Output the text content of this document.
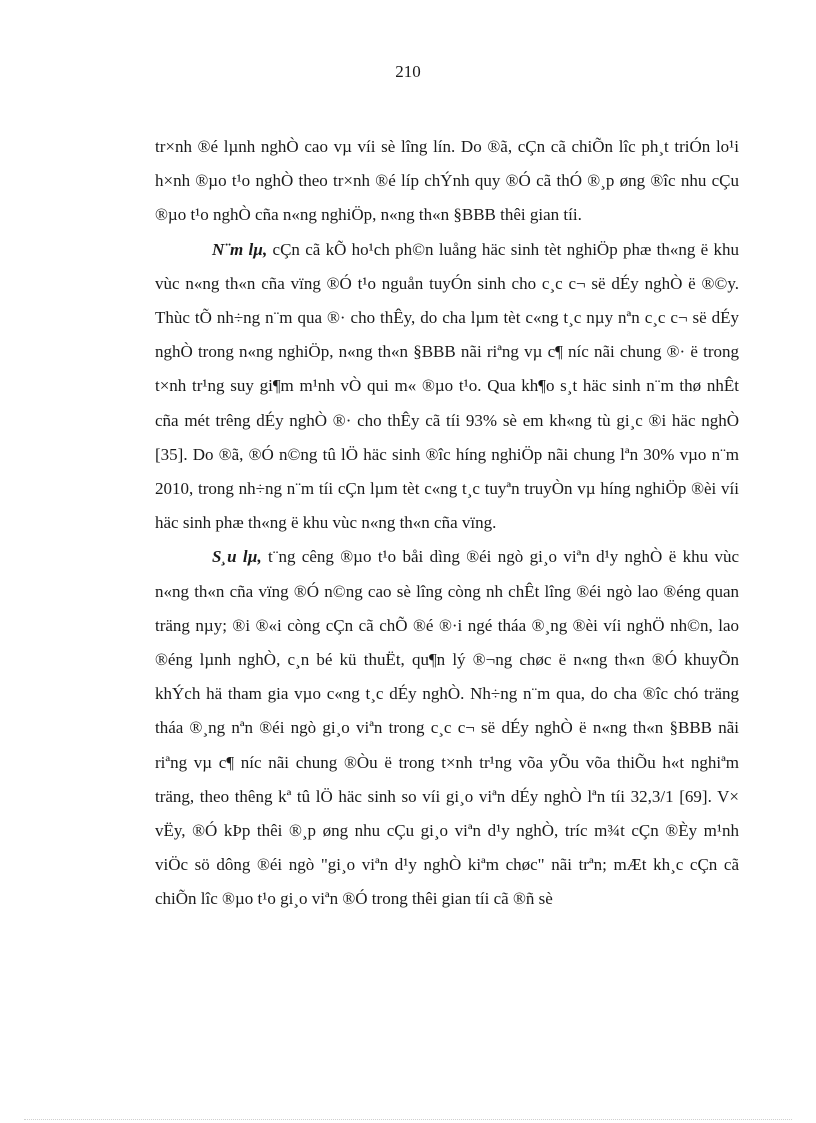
210

tr×nh ®é lµnh nghÒ cao vµ víi sè lîng lín. Do ®ã, cÇn cã chiÕn lîc ph¸t triÓn lo¹i h×nh ®µo t¹o nghÒ theo tr×nh ®é líp chÝnh quy ®Ó cã thÓ ®¸p øng ®îc nhu cÇu ®µo t¹o nghÒ cña n«ng nghiÖp, n«ng th«n §BBB thêi gian tíi.

N¨m lµ, cÇn cã kÕ ho¹ch ph©n luång häc sinh tèt nghiÖp phæ th«ng ë khu vùc n«ng th«n cña vïng ®Ó t¹o nguån tuyÓn sinh cho c¸c c¬ së dÉy nghÒ ë ®©y. Thùc tÕ nh÷ng n¨m qua ®· cho thÊy, do cha lµm tèt c«ng t¸c nµy nªn c¸c c¬ së dÉy nghÒ trong n«ng nghiÖp, n«ng th«n §BBB nãi riªng vµ c¶ níc nãi chung ®· ë trong t×nh tr¹ng suy gi¶m m¹nh vÒ qui m« ®µo t¹o. Qua kh¶o s¸t häc sinh n¨m thø nhÊt cña mét trêng dÉy nghÒ ®· cho thÊy cã tíi 93% sè em kh«ng tù gi¸c ®i häc nghÒ [35]. Do ®ã, ®Ó n©ng tû lÖ häc sinh ®îc híng nghiÖp nãi chung lªn 30% vµo n¨m 2010, trong nh÷ng n¨m tíi cÇn lµm tèt c«ng t¸c tuyªn truyÒn vµ híng nghiÖp ®èi víi häc sinh phæ th«ng ë khu vùc n«ng th«n cña vïng.

S¸u lµ, t¨ng cêng ®µo t¹o båi dìng ®éi ngò gi¸o viªn d¹y nghÒ ë khu vùc n«ng th«n cña vïng ®Ó n©ng cao sè lîng còng nh chÊt lîng ®éi ngò lao ®éng quan träng nµy; ®i ®«i còng cÇn cã chÕ ®é ®·i ngé tháa ®¸ng ®èi víi nghÖ nh©n, lao ®éng lµnh nghÒ, c¸n bé kü thuËt, qu¶n lý ®¬ng chøc ë n«ng th«n ®Ó khuyÕn khÝch hä tham gia vµo c«ng t¸c dÉy nghÒ. Nh÷ng n¨m qua, do cha ®îc chó träng tháa ®¸ng nªn ®éi ngò gi¸o viªn trong c¸c c¬ së dÉy nghÒ ë n«ng th«n §BBB nãi riªng vµ c¶ níc nãi chung ®Òu ë trong t×nh tr¹ng võa yÕu võa thiÕu h«t nghiªm träng, theo thêng kª tû lÖ häc sinh so víi gi¸o viªn dÉy nghÒ lªn tíi 32,3/1 [69]. V× vËy, ®Ó kÞp thêi ®¸p øng nhu cÇu gi¸o viªn d¹y nghÒ, tríc m¾t cÇn ®Èy m¹nh viÖc sö dông ®éi ngò "gi¸o viªn d¹y nghÒ kiªm chøc" nãi trªn; mÆt kh¸c cÇn cã chiÕn lîc ®µo t¹o gi¸o viªn ®Ó trong thêi gian tíi cã ®ñ sè
